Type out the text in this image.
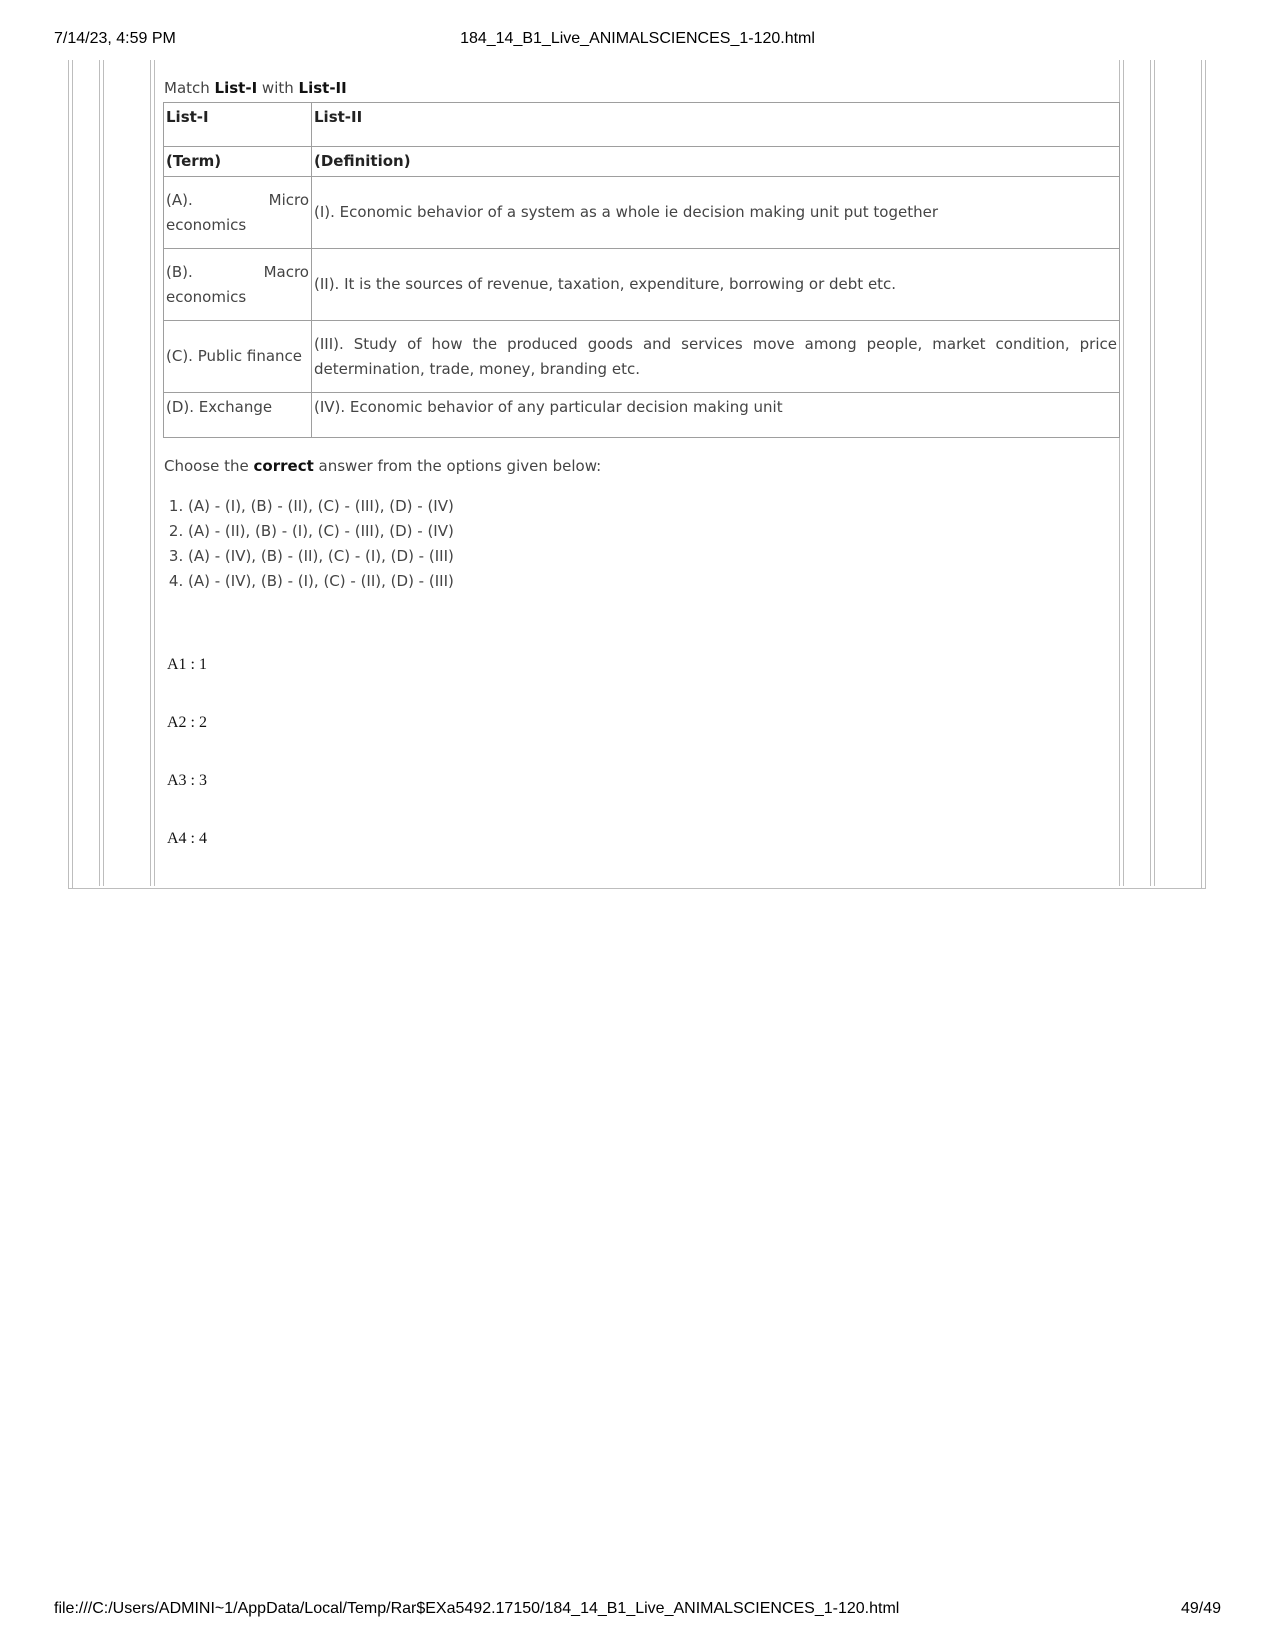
7/14/23, 4:59 PM	184_14_B1_Live_ANIMALSCIENCES_1-120.html
Match List-I with List-II
List-I	List-II
(Term)	(Definition)

(A). Micro
economics	(I). Economic behavior of a system as a whole ie decision making unit put together

(B). Macro
economics	(II). It is the sources of revenue, taxation, expenditure, borrowing or debt etc.
(C). Public finance	(III). Study of how the produced goods and services move among people, market condition, price determination, trade, money, branding etc.
(D). Exchange	(IV). Economic behavior of any particular decision making unit
Choose the correct answer from the options given below:
1. (A) - (I), (B) - (II), (C) - (III), (D) - (IV)
2. (A) - (II), (B) - (I), (C) - (III), (D) - (IV)
3. (A) - (IV), (B) - (II), (C) - (I), (D) - (III)
4. (A) - (IV), (B) - (I), (C) - (II), (D) - (III)
A1 : 1
A2 : 2
A3 : 3
A4 : 4
file:///C:/Users/ADMINI~1/AppData/Local/Temp/Rar$EXa5492.17150/184_14_B1_Live_ANIMALSCIENCES_1-120.html	49/49
